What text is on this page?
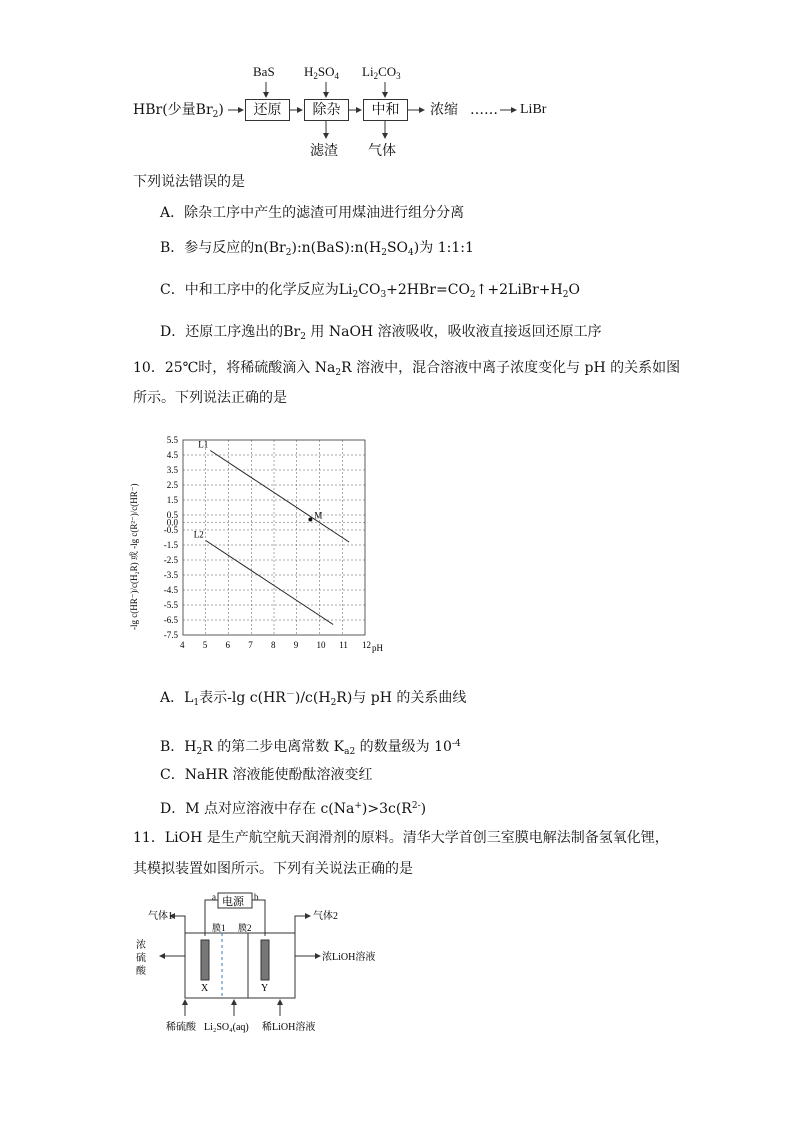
BaS $H_2SO_4$ $Li_2CO_3$
HBr(少量$Br_2$)	还原	除杂	中和	浓缩 …… LiBr
滤渣 气体
下列说法错误的是
A．除杂工序中产生的滤渣可用煤油进行组分分离
B．参与反应的$n(Br_2):n(BaS):n(H_2SO_4)$为 1:1:1
C．中和工序中的化学反应为$Li_2CO_3+2HBr=CO_2↑+2LiBr+H_2O$
D．还原工序逸出的$Br_2$ 用 NaOH 溶液吸收，吸收液直接返回还原工序
10．25℃时，将稀硫酸滴入 $Na_2R$ 溶液中，混合溶液中离子浓度变化与 pH 的关系如图
所示。下列说法正确的是
4 5 6 7 8 9 10 11 12
5.5
4.5
3.5
2.5
1.5
0.5
0.0
-0.5
-1.5
-2.5
-3.5
-4.5
-5.5
-6.5
-7.5
L1
L2
M
pH
-lg c(HR⁻)/c(H₂R) 或 -lg c(R²⁻)/c(HR⁻)
A．$L_1$表示-lg $c(HR^-)/c(H_2R)$与 pH 的关系曲线
B．$H_2R$ 的第二步电离常数 $K_{a2}$ 的数量级为 $10^{-4}$
C．NaHR 溶液能使酚酞溶液变红
D．M 点对应溶液中存在 $c(Na^+)>3c(R^{2-})$
11．LiOH 是生产航空航天润滑剂的原料。清华大学首创三室膜电解法制备氢氧化锂，
其模拟装置如图所示。下列有关说法正确的是
电源
a	b
气体1	气体2
浓LiOH溶液
浓
硫
酸
膜1 膜2
X	Y
稀硫酸 Li₂SO₄(aq) 稀LiOH溶液
